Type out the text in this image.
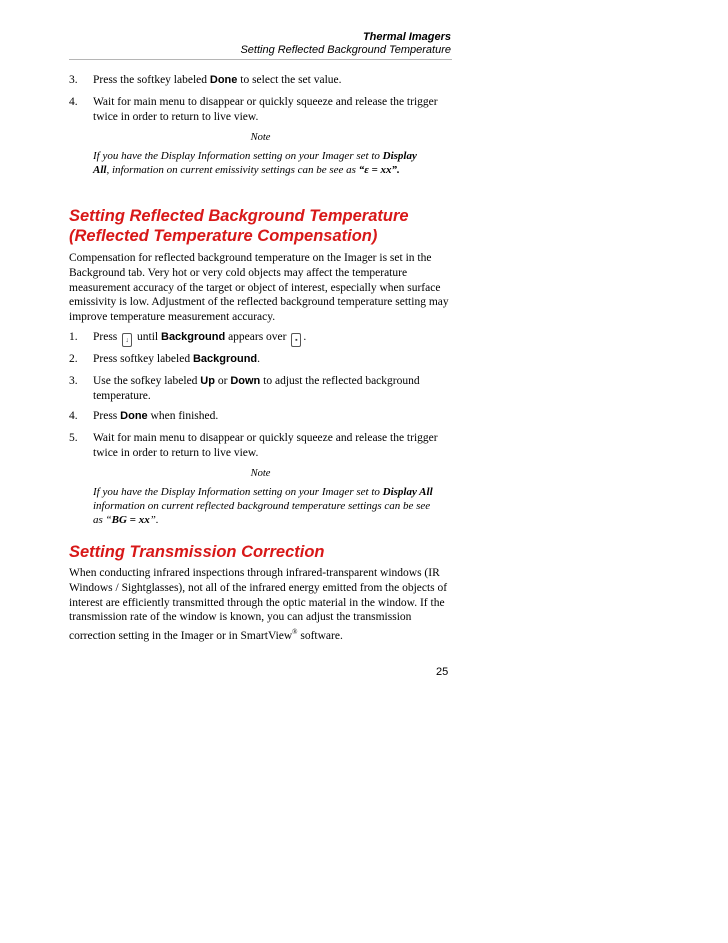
Thermal Imagers
Setting Reflected Background Temperature
3. Press the softkey labeled Done to select the set value.
4. Wait for main menu to disappear or quickly squeeze and release the trigger twice in order to return to live view.
Note
If you have the Display Information setting on your Imager set to Display All, information on current emissivity settings can be see as “ε = xx”.
Setting Reflected Background Temperature (Reflected Temperature Compensation)
Compensation for reflected background temperature on the Imager is set in the Background tab. Very hot or very cold objects may affect the temperature measurement accuracy of the target or object of interest, especially when surface emissivity is low. Adjustment of the reflected background temperature setting may improve temperature measurement accuracy.
1. Press ↓ until Background appears over ▪ .
2. Press softkey labeled Background.
3. Use the sofkey labeled Up or Down to adjust the reflected background temperature.
4. Press Done when finished.
5. Wait for main menu to disappear or quickly squeeze and release the trigger twice in order to return to live view.
Note
If you have the Display Information setting on your Imager set to Display All information on current reflected background temperature settings can be see as “BG = xx”.
Setting Transmission Correction
When conducting infrared inspections through infrared-transparent windows (IR Windows / Sightglasses), not all of the infrared energy emitted from the objects of interest are efficiently transmitted through the optic material in the window. If the transmission rate of the window is known, you can adjust the transmission correction setting in the Imager or in SmartView® software.
25
